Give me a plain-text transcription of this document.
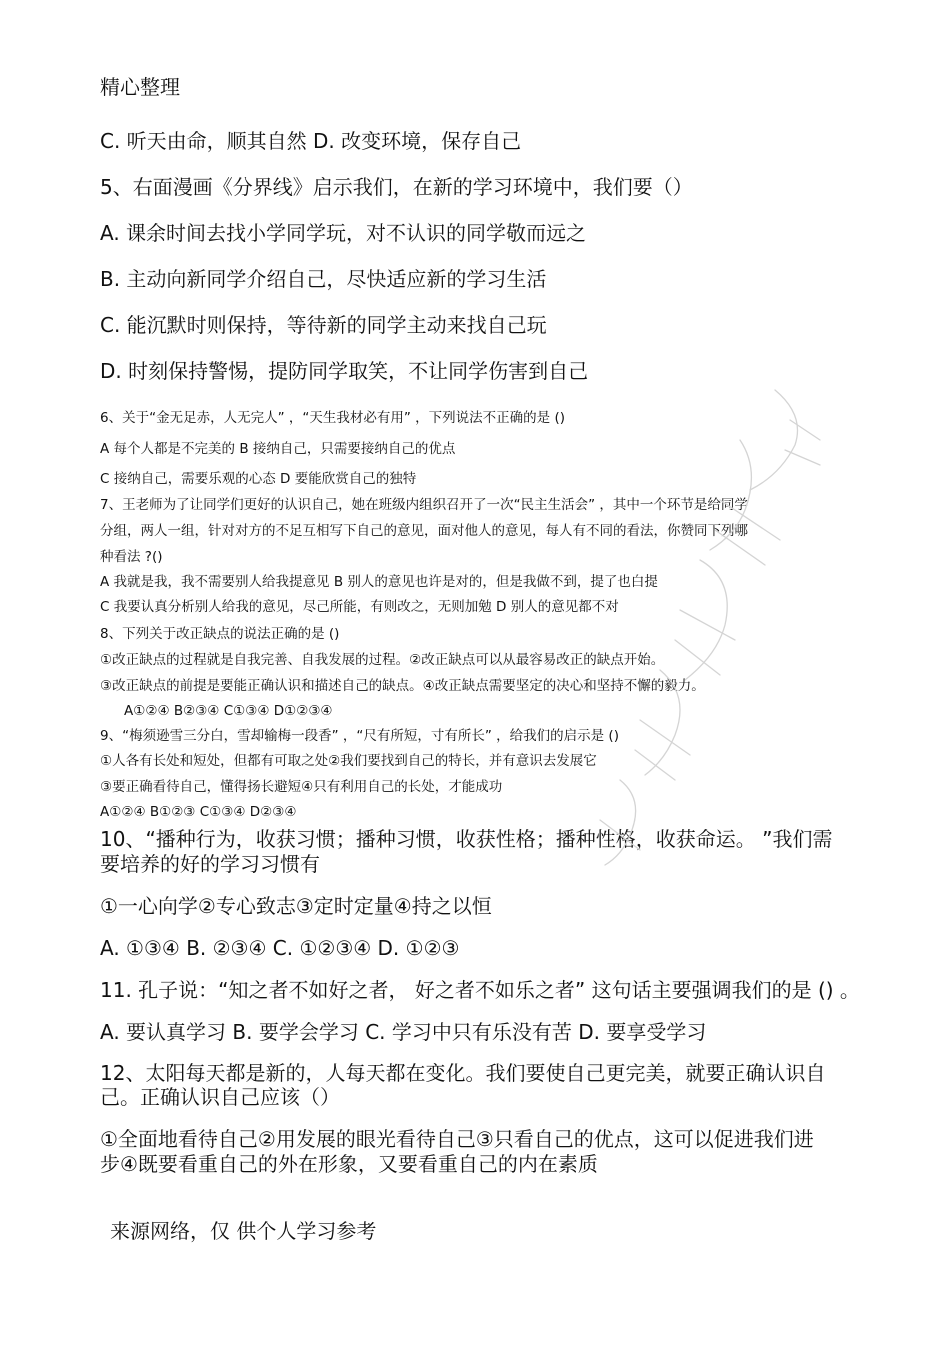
精心整理
C. 听天由命，顺其自然 D. 改变环境，保存自己
5、右面漫画《分界线》启示我们，在新的学习环境中，我们要（）
A. 课余时间去找小学同学玩，对不认识的同学敬而远之
B. 主动向新同学介绍自己，尽快适应新的学习生活
C. 能沉默时则保持，等待新的同学主动来找自己玩
D. 时刻保持警惕，提防同学取笑，不让同学伤害到自己
6、关于“金无足赤，人无完人” ，“天生我材必有用” ，下列说法不正确的是 ()
A 每个人都是不完美的 B 接纳自己，只需要接纳自己的优点
C 接纳自己，需要乐观的心态 D 要能欣赏自己的独特
7、王老师为了让同学们更好的认识自己，她在班级内组织召开了一次“民主生活会” ，其中一个环节是给同学
分组，两人一组，针对对方的不足互相写下自己的意见，面对他人的意见，每人有不同的看法，你赞同下列哪
种看法 ?()
A 我就是我，我不需要别人给我提意见 B 别人的意见也许是对的，但是我做不到，提了也白提
C 我要认真分析别人给我的意见，尽己所能，有则改之，无则加勉 D 别人的意见都不对
8、下列关于改正缺点的说法正确的是 ()
①改正缺点的过程就是自我完善、自我发展的过程。②改正缺点可以从最容易改正的缺点开始。
③改正缺点的前提是要能正确认识和描述自己的缺点。④改正缺点需要坚定的决心和坚持不懈的毅力。
A①②④ B②③④ C①③④ D①②③④
9、“梅须逊雪三分白，雪却输梅一段香” ，“尺有所短，寸有所长” ，给我们的启示是 ()
①人各有长处和短处，但都有可取之处②我们要找到自己的特长，并有意识去发展它
③要正确看待自己，懂得扬长避短④只有利用自己的长处，才能成功
A①②④ B①②③ C①③④ D②③④
10、“播种行为，收获习惯；播种习惯，收获性格；播种性格，收获命运。 ”我们需
要培养的好的学习习惯有
①一心向学②专心致志③定时定量④持之以恒
A. ①③④ B. ②③④ C. ①②③④ D. ①②③
11. 孔子说：“知之者不如好之者， 好之者不如乐之者” 这句话主要强调我们的是 () 。
A. 要认真学习 B. 要学会学习 C. 学习中只有乐没有苦 D. 要享受学习
12、太阳每天都是新的，人每天都在变化。我们要使自己更完美，就要正确认识自
己。正确认识自己应该（）
①全面地看待自己②用发展的眼光看待自己③只看自己的优点，这可以促进我们进
步④既要看重自己的外在形象，又要看重自己的内在素质
来源网络，仅 供个人学习参考
